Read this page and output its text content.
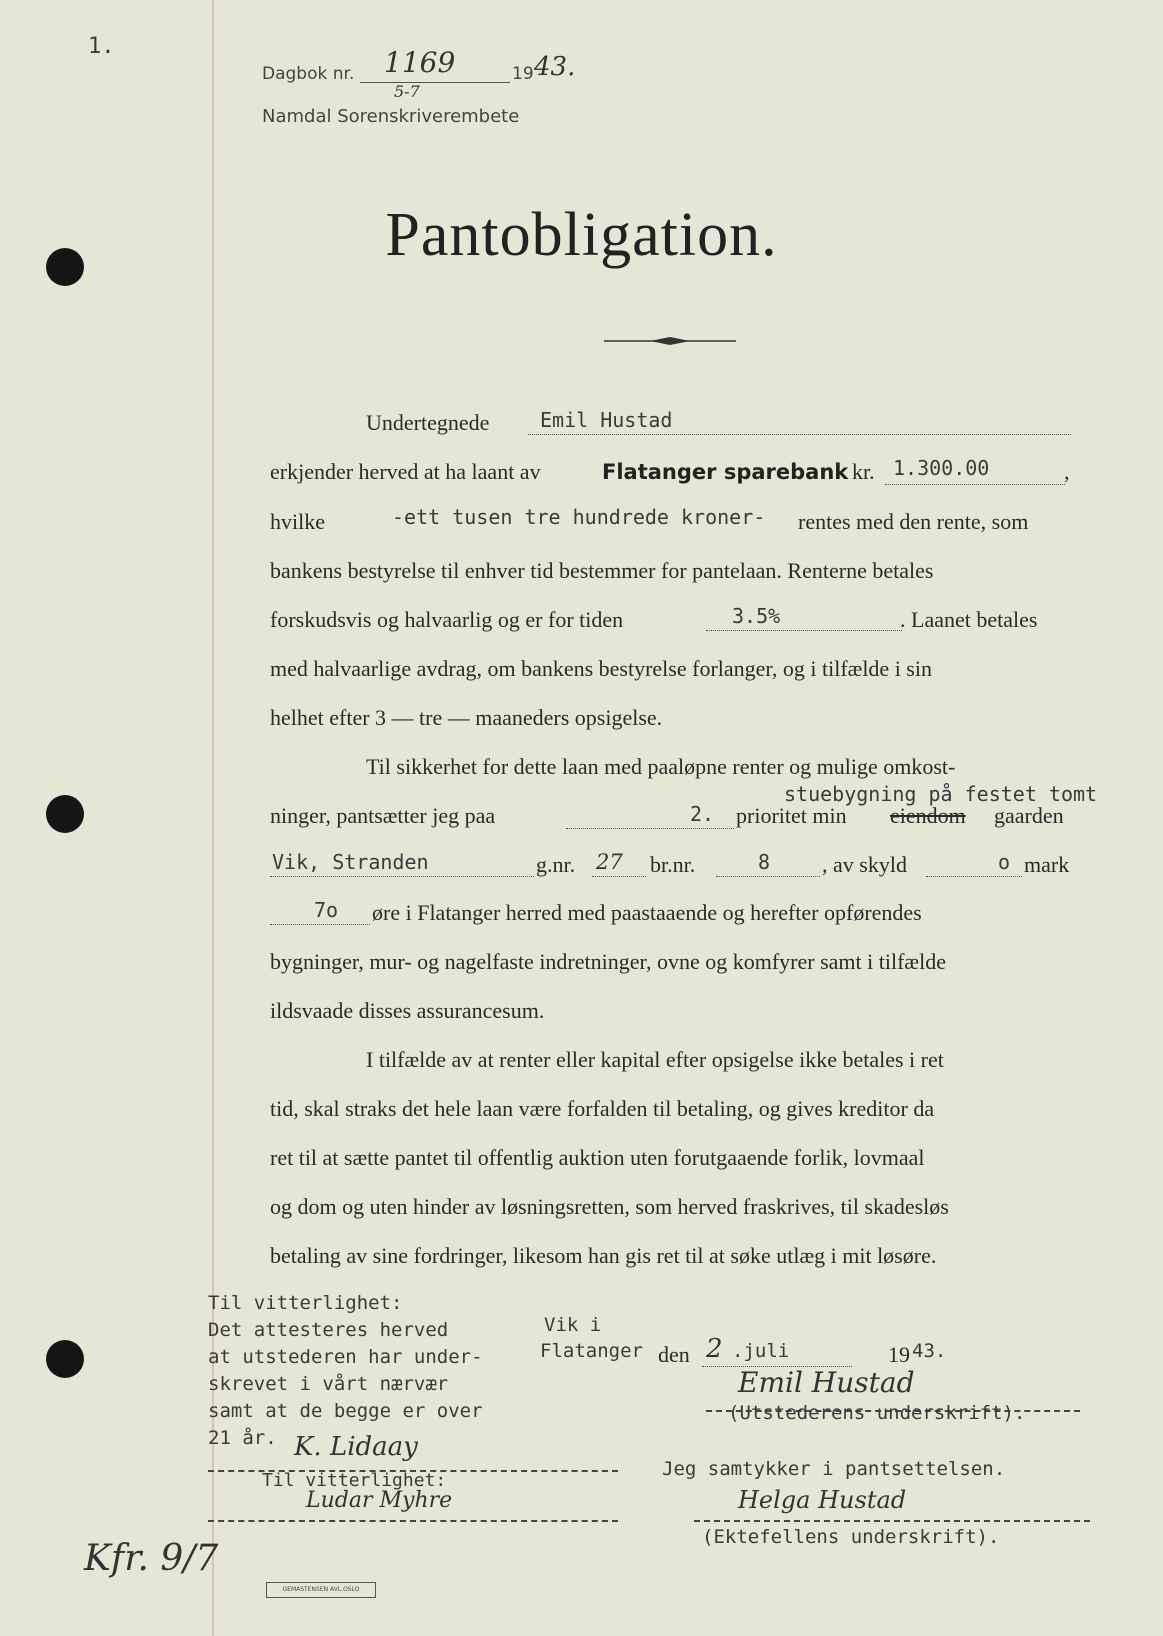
1.
Dagbok nr. 1169	19 43.
5-7
Namdal Sorenskriverembete
Pantobligation.
Undertegnede	Emil Hustad
erkjender herved at ha laant av	Flatanger sparebank kr. 1.300.00	,
hvilke	-ett tusen tre hundrede kroner- rentes med den rente, som
bankens bestyrelse til enhver tid bestemmer for pantelaan. Renterne betales
forskudsvis og halvaarlig og er for tiden	3.5%	. Laanet betales
med halvaarlige avdrag, om bankens bestyrelse forlanger, og i tilfælde i sin
helhet efter 3 — tre — maaneders opsigelse.
Til sikkerhet for dette laan med paaløpne renter og mulige omkost-
stuebygning på festet tomt
ninger, pantsætter jeg paa	2. prioritet min eiendom gaarden
Vik, Stranden	g.nr. 27 br.nr.	8 , av skyld	o mark
7o øre i Flatanger herred med paastaaende og herefter opførendes
bygninger, mur- og nagelfaste indretninger, ovne og komfyrer samt i tilfælde
ildsvaade disses assurancesum.
I tilfælde av at renter eller kapital efter opsigelse ikke betales i ret
tid, skal straks det hele laan være forfalden til betaling, og gives kreditor da
ret til at sætte pantet til offentlig auktion uten forutgaaende forlik, lovmaal
og dom og uten hinder av løsningsretten, som herved fraskrives, til skadesløs
betaling av sine fordringer, likesom han gis ret til at søke utlæg i mit løsøre.
Til vitterlighet:
Det attesteres herved
at utstederen har under-
skrevet i vårt nærvær
samt at de begge er over
21 år. K. Lidaay
Til vitterlighet:
Ludar Myhre
Vik i
Flatanger den 2 .juli	19 43.
Emil Hustad
(Utstederens underskrift).
Jeg samtykker i pantsettelsen.
Helga Hustad
(Ektefellens underskrift).
Kfr. 9/7
GEMASTENSEN AVL.OSLO
